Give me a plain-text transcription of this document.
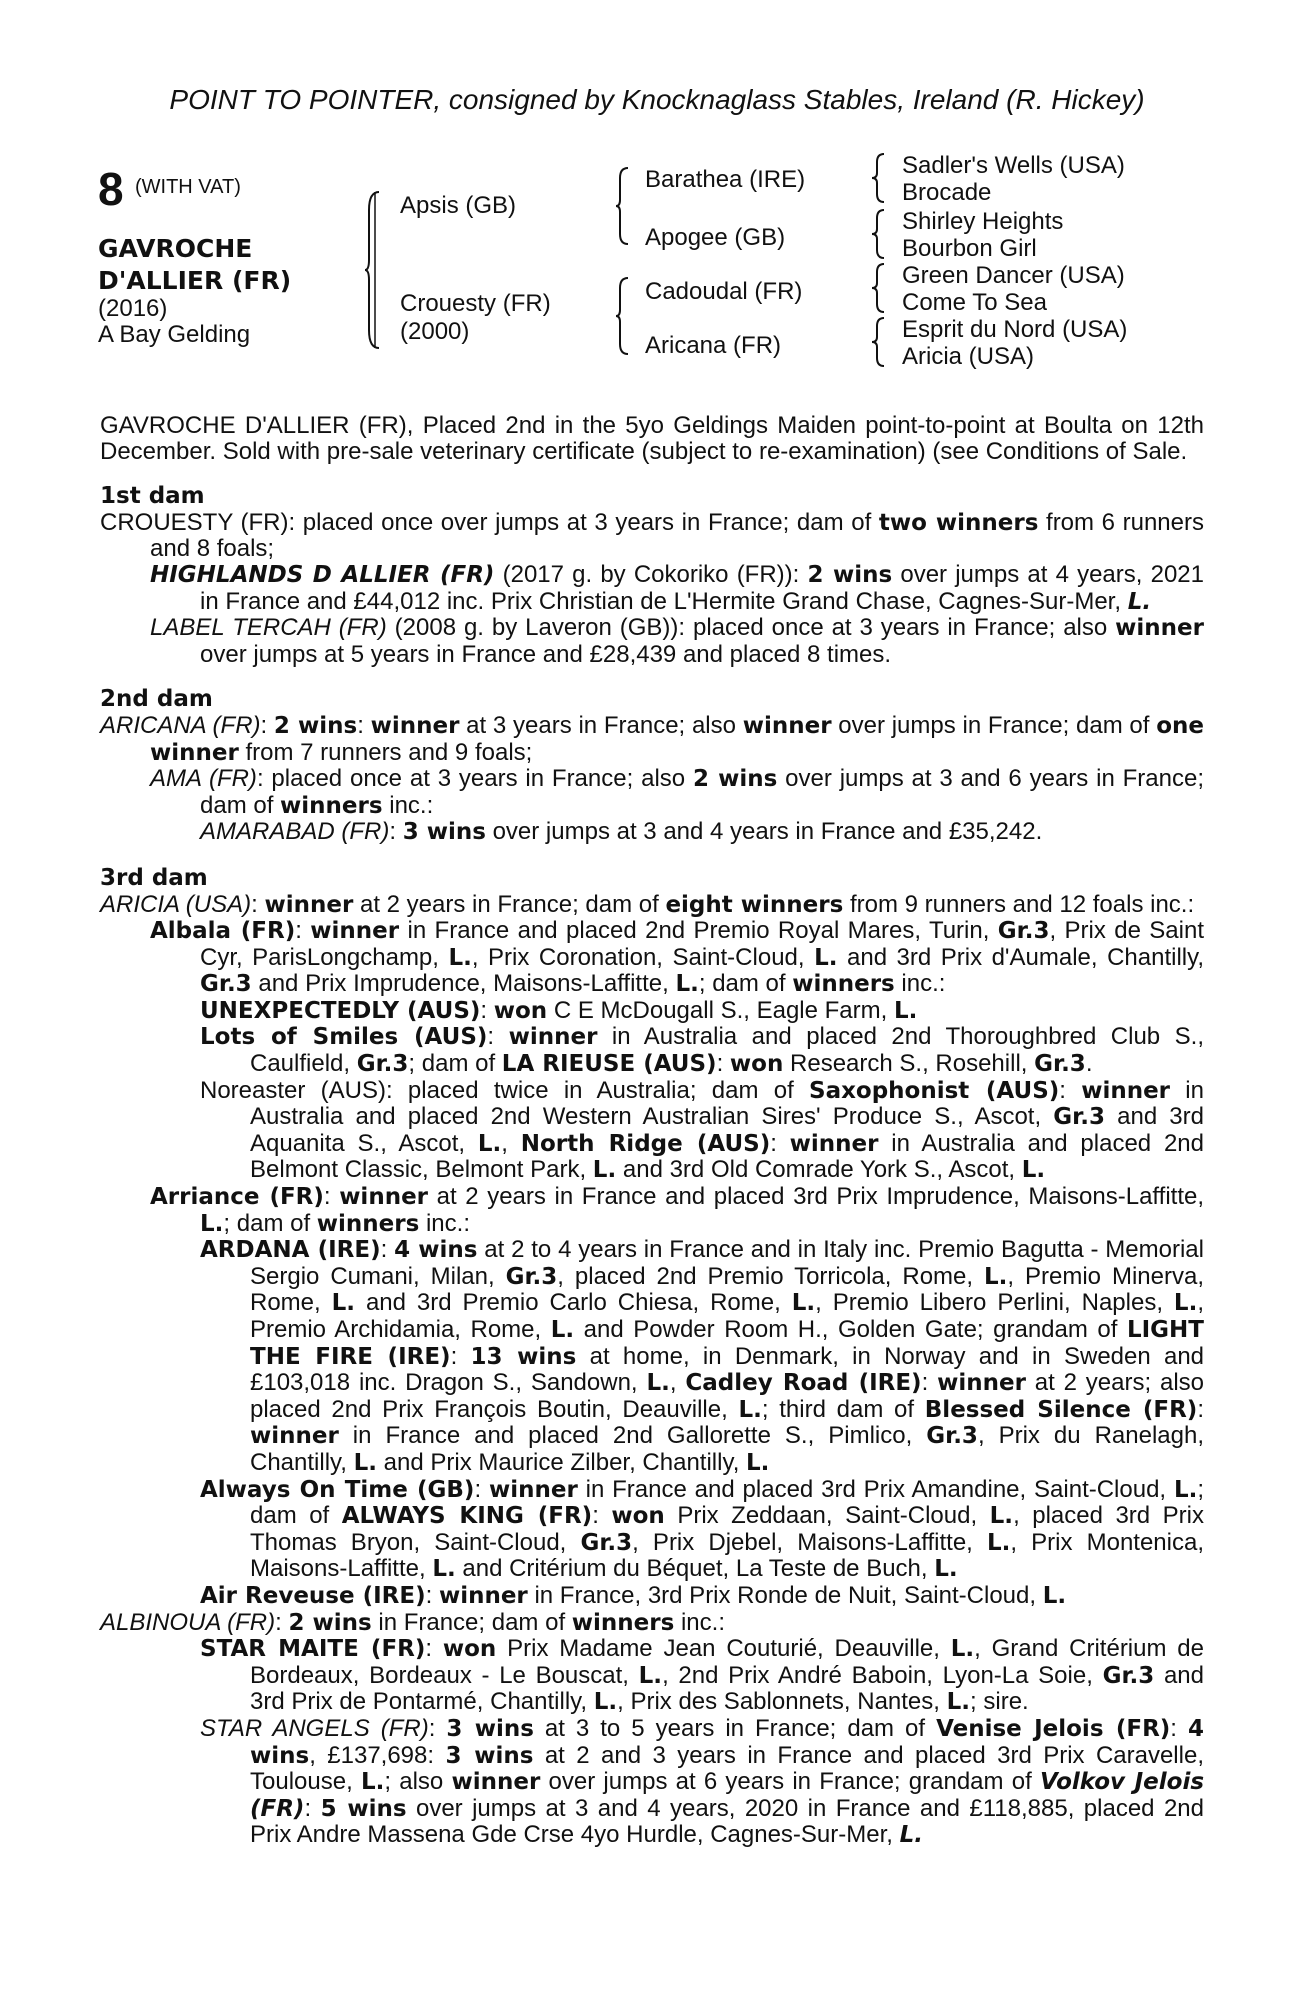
POINT TO POINTER, consigned by Knocknaglass Stables, Ireland (R. Hickey)
8 (WITH VAT)
GAVROCHE
D'ALLIER (FR)
(2016)
A Bay Gelding
Apsis (GB)
Crouesty (FR)
(2000)
Barathea (IRE)
Apogee (GB)
Cadoudal (FR)
Aricana (FR)
Sadler's Wells (USA)
Brocade
Shirley Heights
Bourbon Girl
Green Dancer (USA)
Come To Sea
Esprit du Nord (USA)
Aricia (USA)

GAVROCHE D'ALLIER (FR), Placed 2nd in the 5yo Geldings Maiden point-to-point at Boulta on 12th December. Sold with pre-sale veterinary certificate (subject to re-examination) (see Conditions of Sale.

1st dam

CROUESTY (FR): placed once over jumps at 3 years in France; dam of two winners from 6 runners and 8 foals;

HIGHLANDS D ALLIER (FR) (2017 g. by Cokoriko (FR)): 2 wins over jumps at 4 years, 2021 in France and £44,012 inc. Prix Christian de L'Hermite Grand Chase, Cagnes-Sur-Mer, L.

LABEL TERCAH (FR) (2008 g. by Laveron (GB)): placed once at 3 years in France; also winner over jumps at 5 years in France and £28,439 and placed 8 times.

2nd dam

ARICANA (FR): 2 wins: winner at 3 years in France; also winner over jumps in France; dam of one winner from 7 runners and 9 foals;

AMA (FR): placed once at 3 years in France; also 2 wins over jumps at 3 and 6 years in France; dam of winners inc.:

AMARABAD (FR): 3 wins over jumps at 3 and 4 years in France and £35,242.

3rd dam

ARICIA (USA): winner at 2 years in France; dam of eight winners from 9 runners and 12 foals inc.:

Albala (FR): winner in France and placed 2nd Premio Royal Mares, Turin, Gr.3, Prix de Saint Cyr, ParisLongchamp, L., Prix Coronation, Saint-Cloud, L. and 3rd Prix d'Aumale, Chantilly, Gr.3 and Prix Imprudence, Maisons-Laffitte, L.; dam of winners inc.:

UNEXPECTEDLY (AUS): won C E McDougall S., Eagle Farm, L.

Lots of Smiles (AUS): winner in Australia and placed 2nd Thoroughbred Club S., Caulfield, Gr.3; dam of LA RIEUSE (AUS): won Research S., Rosehill, Gr.3.

Noreaster (AUS): placed twice in Australia; dam of Saxophonist (AUS): winner in Australia and placed 2nd Western Australian Sires' Produce S., Ascot, Gr.3 and 3rd Aquanita S., Ascot, L., North Ridge (AUS): winner in Australia and placed 2nd Belmont Classic, Belmont Park, L. and 3rd Old Comrade York S., Ascot, L.

Arriance (FR): winner at 2 years in France and placed 3rd Prix Imprudence, Maisons-Laffitte, L.; dam of winners inc.:

ARDANA (IRE): 4 wins at 2 to 4 years in France and in Italy inc. Premio Bagutta - Memorial Sergio Cumani, Milan, Gr.3, placed 2nd Premio Torricola, Rome, L., Premio Minerva, Rome, L. and 3rd Premio Carlo Chiesa, Rome, L., Premio Libero Perlini, Naples, L., Premio Archidamia, Rome, L. and Powder Room H., Golden Gate; grandam of LIGHT THE FIRE (IRE): 13 wins at home, in Denmark, in Norway and in Sweden and £103,018 inc. Dragon S., Sandown, L., Cadley Road (IRE): winner at 2 years; also placed 2nd Prix François Boutin, Deauville, L.; third dam of Blessed Silence (FR): winner in France and placed 2nd Gallorette S., Pimlico, Gr.3, Prix du Ranelagh, Chantilly, L. and Prix Maurice Zilber, Chantilly, L.

Always On Time (GB): winner in France and placed 3rd Prix Amandine, Saint-Cloud, L.; dam of ALWAYS KING (FR): won Prix Zeddaan, Saint-Cloud, L., placed 3rd Prix Thomas Bryon, Saint-Cloud, Gr.3, Prix Djebel, Maisons-Laffitte, L., Prix Montenica, Maisons-Laffitte, L. and Critérium du Béquet, La Teste de Buch, L.

Air Reveuse (IRE): winner in France, 3rd Prix Ronde de Nuit, Saint-Cloud, L.

ALBINOUA (FR): 2 wins in France; dam of winners inc.:

STAR MAITE (FR): won Prix Madame Jean Couturié, Deauville, L., Grand Critérium de Bordeaux, Bordeaux - Le Bouscat, L., 2nd Prix André Baboin, Lyon-La Soie, Gr.3 and 3rd Prix de Pontarmé, Chantilly, L., Prix des Sablonnets, Nantes, L.; sire.

STAR ANGELS (FR): 3 wins at 3 to 5 years in France; dam of Venise Jelois (FR): 4 wins, £137,698: 3 wins at 2 and 3 years in France and placed 3rd Prix Caravelle, Toulouse, L.; also winner over jumps at 6 years in France; grandam of Volkov Jelois (FR): 5 wins over jumps at 3 and 4 years, 2020 in France and £118,885, placed 2nd Prix Andre Massena Gde Crse 4yo Hurdle, Cagnes-Sur-Mer, L.
